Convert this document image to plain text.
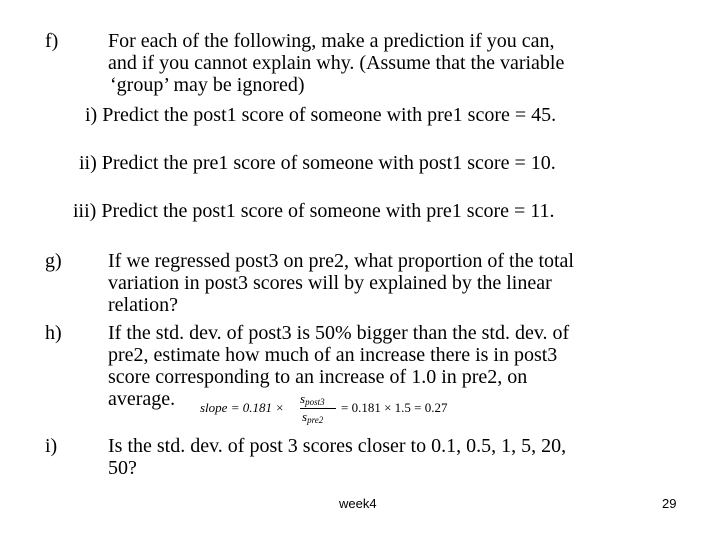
f) For each of the following, make a prediction if you can,
and if you cannot explain why. (Assume that the variable
‘group’ may be ignored)
i) Predict the post1 score of someone with pre1 score = 45.
ii) Predict the pre1 score of someone with post1 score = 10.
iii) Predict the post1 score of someone with pre1 score = 11.
g) If we regressed post3 on pre2, what proportion of the total
variation in post3 scores will by explained by the linear
relation?
h) If the std. dev. of post3 is 50% bigger than the std. dev. of
pre2, estimate how much of an increase there is in post3
score corresponding to an increase of 1.0 in pre2, on
average.	slope = 0.181 ×
spost3
spre2
= 0.181 × 1.5 = 0.27
i)	Is the std. dev. of post 3 scores closer to 0.1, 0.5, 1, 5, 20,
50?
week4	29
